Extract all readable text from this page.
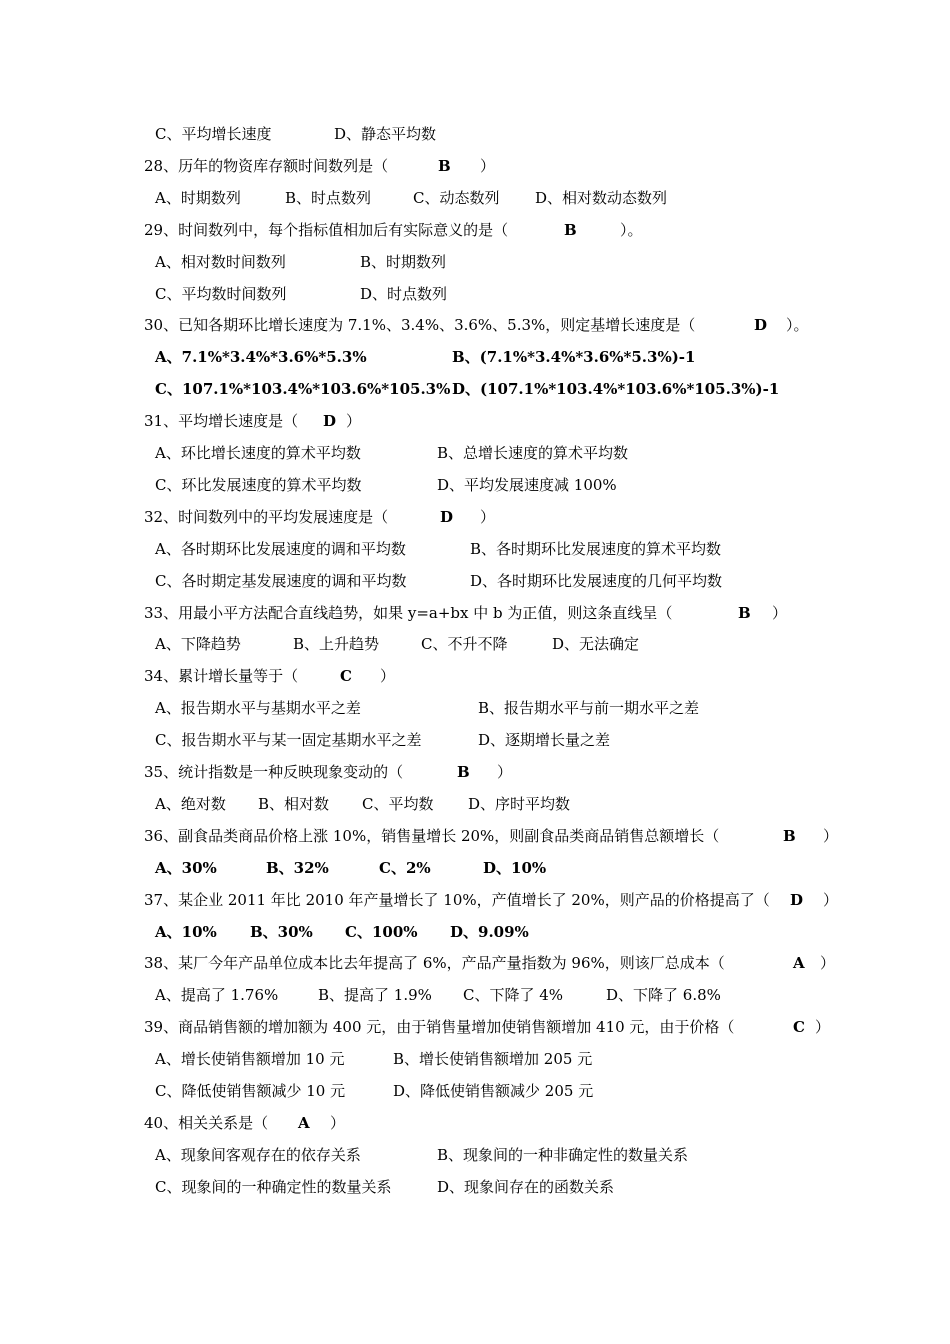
C、平均增长速度	D、静态平均数
28、历年的物资库存额时间数列是（	B ）
A、时期数列	B、时点数列	C、动态数列 D、相对数动态数列
29、时间数列中，每个指标值相加后有实际意义的是（	B	）。
A、相对数时间数列	B、时期数列
C、平均数时间数列	D、时点数列
30、已知各期环比增长速度为 7.1%、3.4%、3.6%、5.3%，则定基增长速度是（	D ）。
A、7.1%*3.4%*3.6%*5.3%	B、(7.1%*3.4%*3.6%*5.3%)-1
C、107.1%*103.4%*103.6%*105.3% D、(107.1%*103.4%*103.6%*105.3%)-1
31、平均增长速度是（ D ）
A、环比增长速度的算术平均数	B、总增长速度的算术平均数
C、环比发展速度的算术平均数	D、平均发展速度减 100%
32、时间数列中的平均发展速度是（	D ）
A、各时期环比发展速度的调和平均数	B、各时期环比发展速度的算术平均数
C、各时期定基发展速度的调和平均数	D、各时期环比发展速度的几何平均数
33、用最小平方法配合直线趋势，如果 y=a+bx 中 b 为正值，则这条直线呈（	B ）
A、下降趋势	B、上升趋势	C、不升不降	D、无法确定
34、累计增长量等于（	C ）
A、报告期水平与基期水平之差	B、报告期水平与前一期水平之差
C、报告期水平与某一固定基期水平之差	D、逐期增长量之差
35、统计指数是一种反映现象变动的（	B ）
A、绝对数 B、相对数 C、平均数 D、序时平均数
36、副食品类商品价格上涨 10%，销售量增长 20%，则副食品类商品销售总额增长（	B ）
A、30%	B、32%	C、2%	D、10%
37、某企业 2011 年比 2010 年产量增长了 10%，产值增长了 20%，则产品的价格提高了（ D ）
A、10% B、30% C、100% D、9.09%
38、某厂今年产品单位成本比去年提高了 6%，产品产量指数为 96%，则该厂总成本（	A ）
A、提高了 1.76%	B、提高了 1.9% C、下降了 4%	D、下降了 6.8%
39、商品销售额的增加额为 400 元，由于销售量增加使销售额增加 410 元，由于价格（	C ）
A、增长使销售额增加 10 元	B、增长使销售额增加 205 元
C、降低使销售额减少 10 元	D、降低使销售额减少 205 元
40、相关关系是（ A ）
A、现象间客观存在的依存关系	B、现象间的一种非确定性的数量关系
C、现象间的一种确定性的数量关系	D、现象间存在的函数关系
